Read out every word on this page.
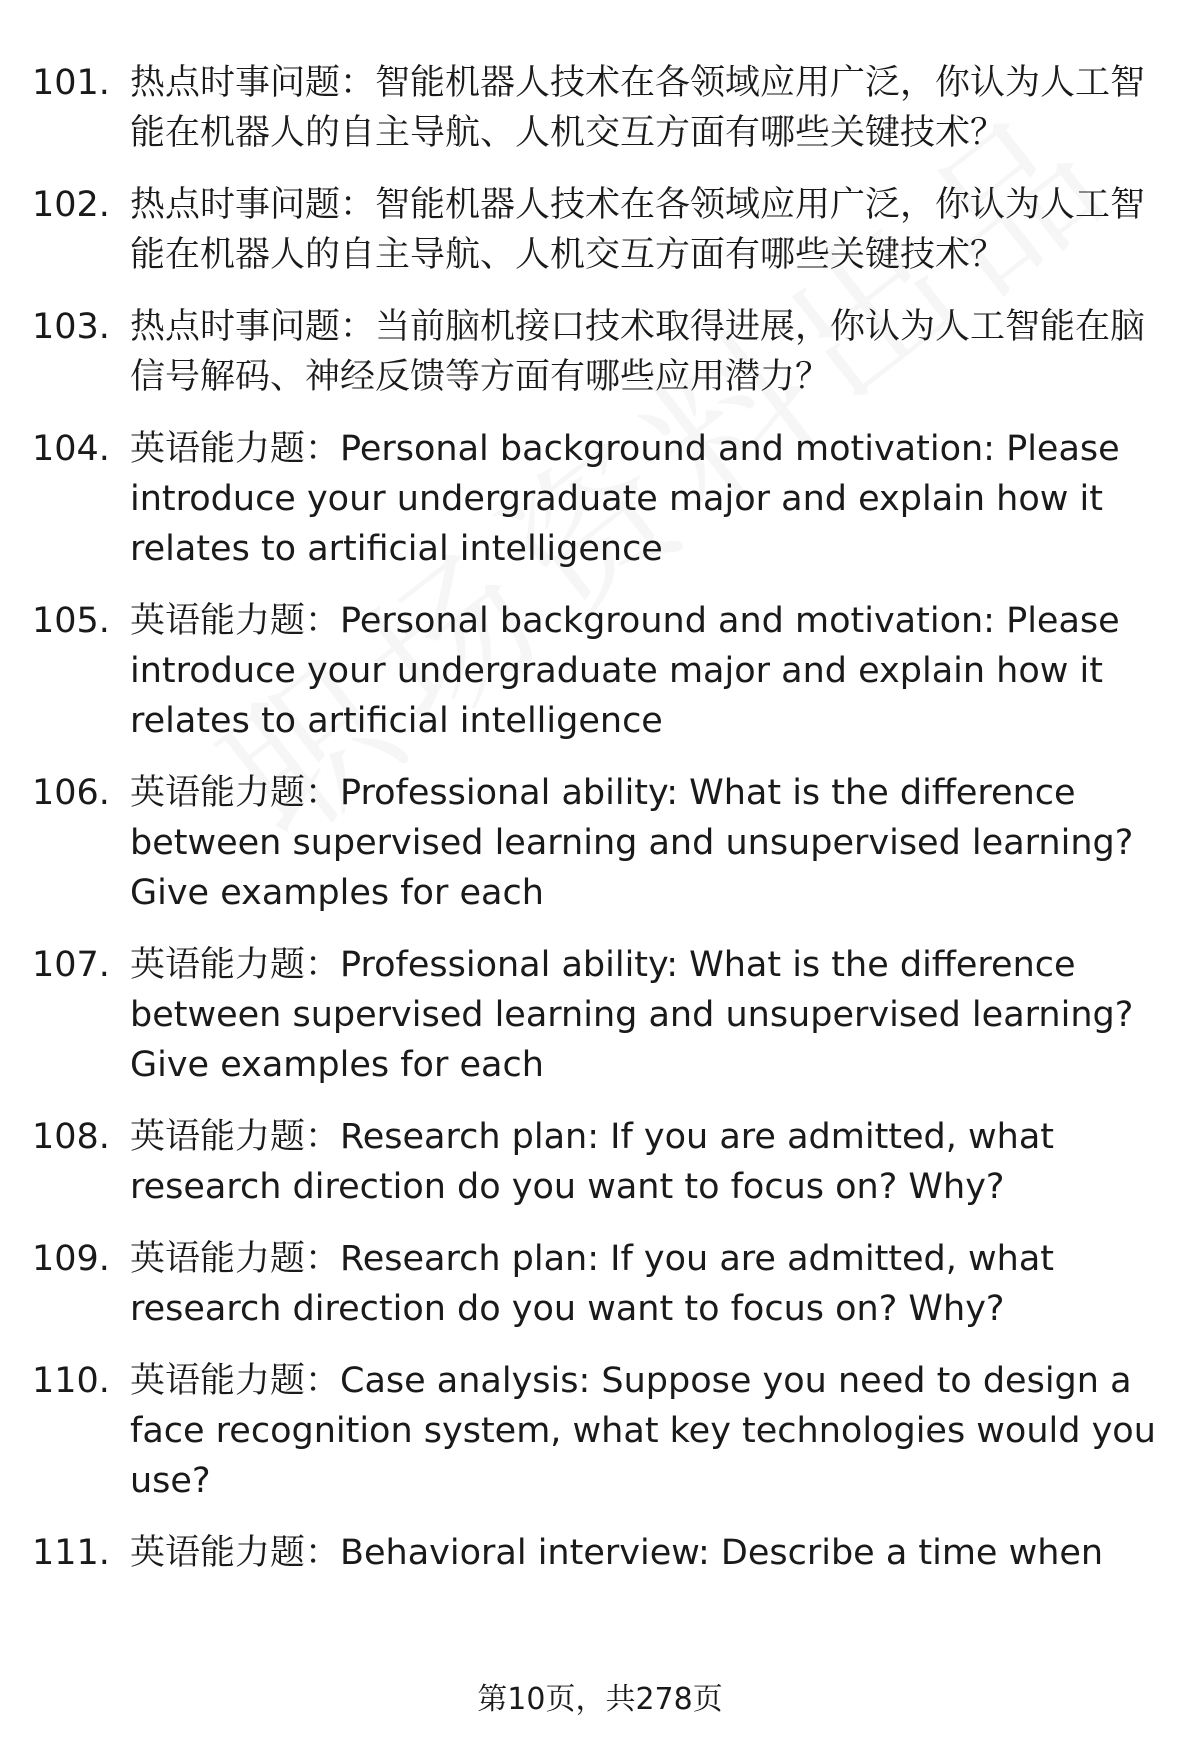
101. 热点时事问题：智能机器人技术在各领域应用广泛，你认为人工智能在机器人的自主导航、人机交互方面有哪些关键技术？
102. 热点时事问题：智能机器人技术在各领域应用广泛，你认为人工智能在机器人的自主导航、人机交互方面有哪些关键技术？
103. 热点时事问题：当前脑机接口技术取得进展，你认为人工智能在脑信号解码、神经反馈等方面有哪些应用潜力？
104. 英语能力题：Personal background and motivation: Please introduce your undergraduate major and explain how it relates to artificial intelligence
105. 英语能力题：Personal background and motivation: Please introduce your undergraduate major and explain how it relates to artificial intelligence
106. 英语能力题：Professional ability: What is the difference between supervised learning and unsupervised learning? Give examples for each
107. 英语能力题：Professional ability: What is the difference between supervised learning and unsupervised learning? Give examples for each
108. 英语能力题：Research plan: If you are admitted, what research direction do you want to focus on? Why?
109. 英语能力题：Research plan: If you are admitted, what research direction do you want to focus on? Why?
110. 英语能力题：Case analysis: Suppose you need to design a face recognition system, what key technologies would you use?
111. 英语能力题：Behavioral interview: Describe a time when
第10页，共278页
